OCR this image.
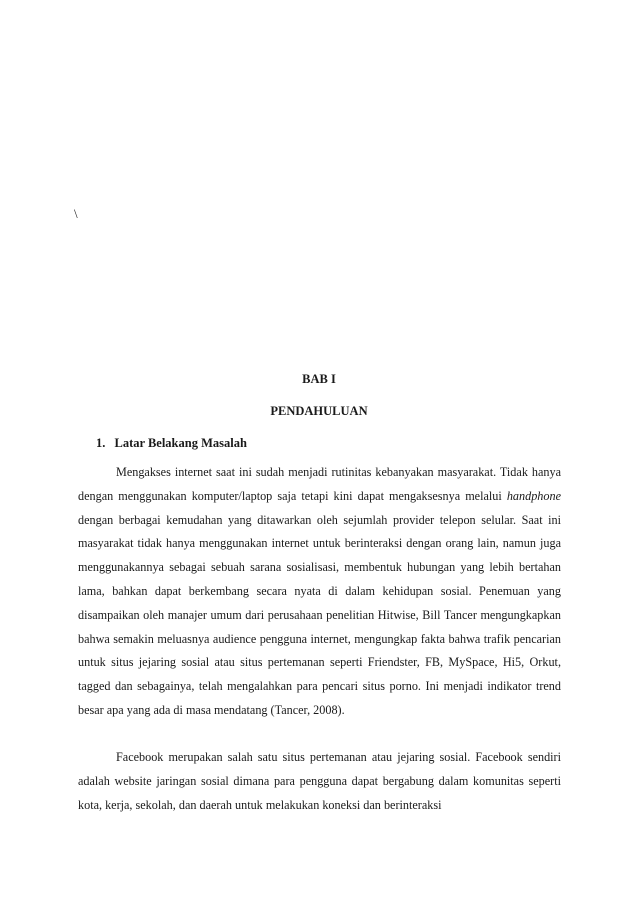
\
BAB I
PENDAHULUAN
1. Latar Belakang Masalah

Mengakses internet saat ini sudah menjadi rutinitas kebanyakan masyarakat. Tidak hanya dengan menggunakan komputer/laptop saja tetapi kini dapat mengaksesnya melalui handphone dengan berbagai kemudahan yang ditawarkan oleh sejumlah provider telepon selular. Saat ini masyarakat tidak hanya menggunakan internet untuk berinteraksi dengan orang lain, namun juga menggunakannya sebagai sebuah sarana sosialisasi, membentuk hubungan yang lebih bertahan lama, bahkan dapat berkembang secara nyata di dalam kehidupan sosial. Penemuan yang disampaikan oleh manajer umum dari perusahaan penelitian Hitwise, Bill Tancer mengungkapkan bahwa semakin meluasnya audience pengguna internet, mengungkap fakta bahwa trafik pencarian untuk situs jejaring sosial atau situs pertemanan seperti Friendster, FB, MySpace, Hi5, Orkut, tagged dan sebagainya, telah mengalahkan para pencari situs porno. Ini menjadi indikator trend besar apa yang ada di masa mendatang (Tancer, 2008).

Facebook merupakan salah satu situs pertemanan atau jejaring sosial. Facebook sendiri adalah website jaringan sosial dimana para pengguna dapat bergabung dalam komunitas seperti kota, kerja, sekolah, dan daerah untuk melakukan koneksi dan berinteraksi
